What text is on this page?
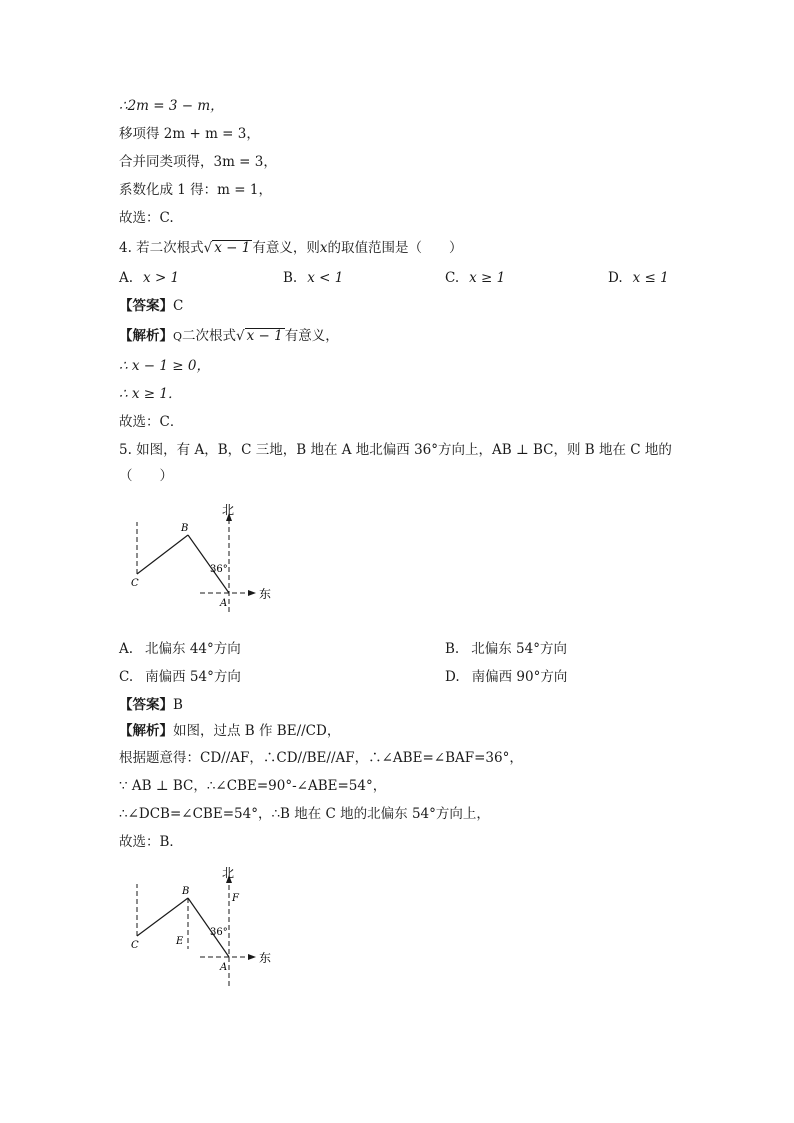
∴2m = 3 − m，
移项得 2m + m = 3，
合并同类项得，3m = 3，
系数化成 1 得：m = 1，
故选：C.
4. 若二次根式√ x − 1 有意义，则x的取值范围是（　　）
A. x > 1	B. x < 1	C. x ≥ 1	D. x ≤ 1
【答案】C
【解析】Q二次根式√ x − 1 有意义，
∴ x − 1 ≥ 0，
∴ x ≥ 1．
故选：C．
5. 如图，有 A，B，C 三地，B 地在 A 地北偏西 36°方向上，AB ⊥ BC，则 B 地在 C 地的
（　　）
北
东
36°
B
C
A
A. 北偏东 44°方向	B. 北偏东 54°方向
C. 南偏西 54°方向	D. 南偏西 90°方向
【答案】B
【解析】如图，过点 B 作 BE//CD，
根据题意得：CD//AF，∴CD//BE//AF，∴∠ABE=∠BAF=36°，
∵ AB ⊥ BC，∴∠CBE=90°-∠ABE=54°，
∴∠DCB=∠CBE=54°，∴B 地在 C 地的北偏东 54°方向上，
故选：B．
北
东
36°
B
C	E
F
A
